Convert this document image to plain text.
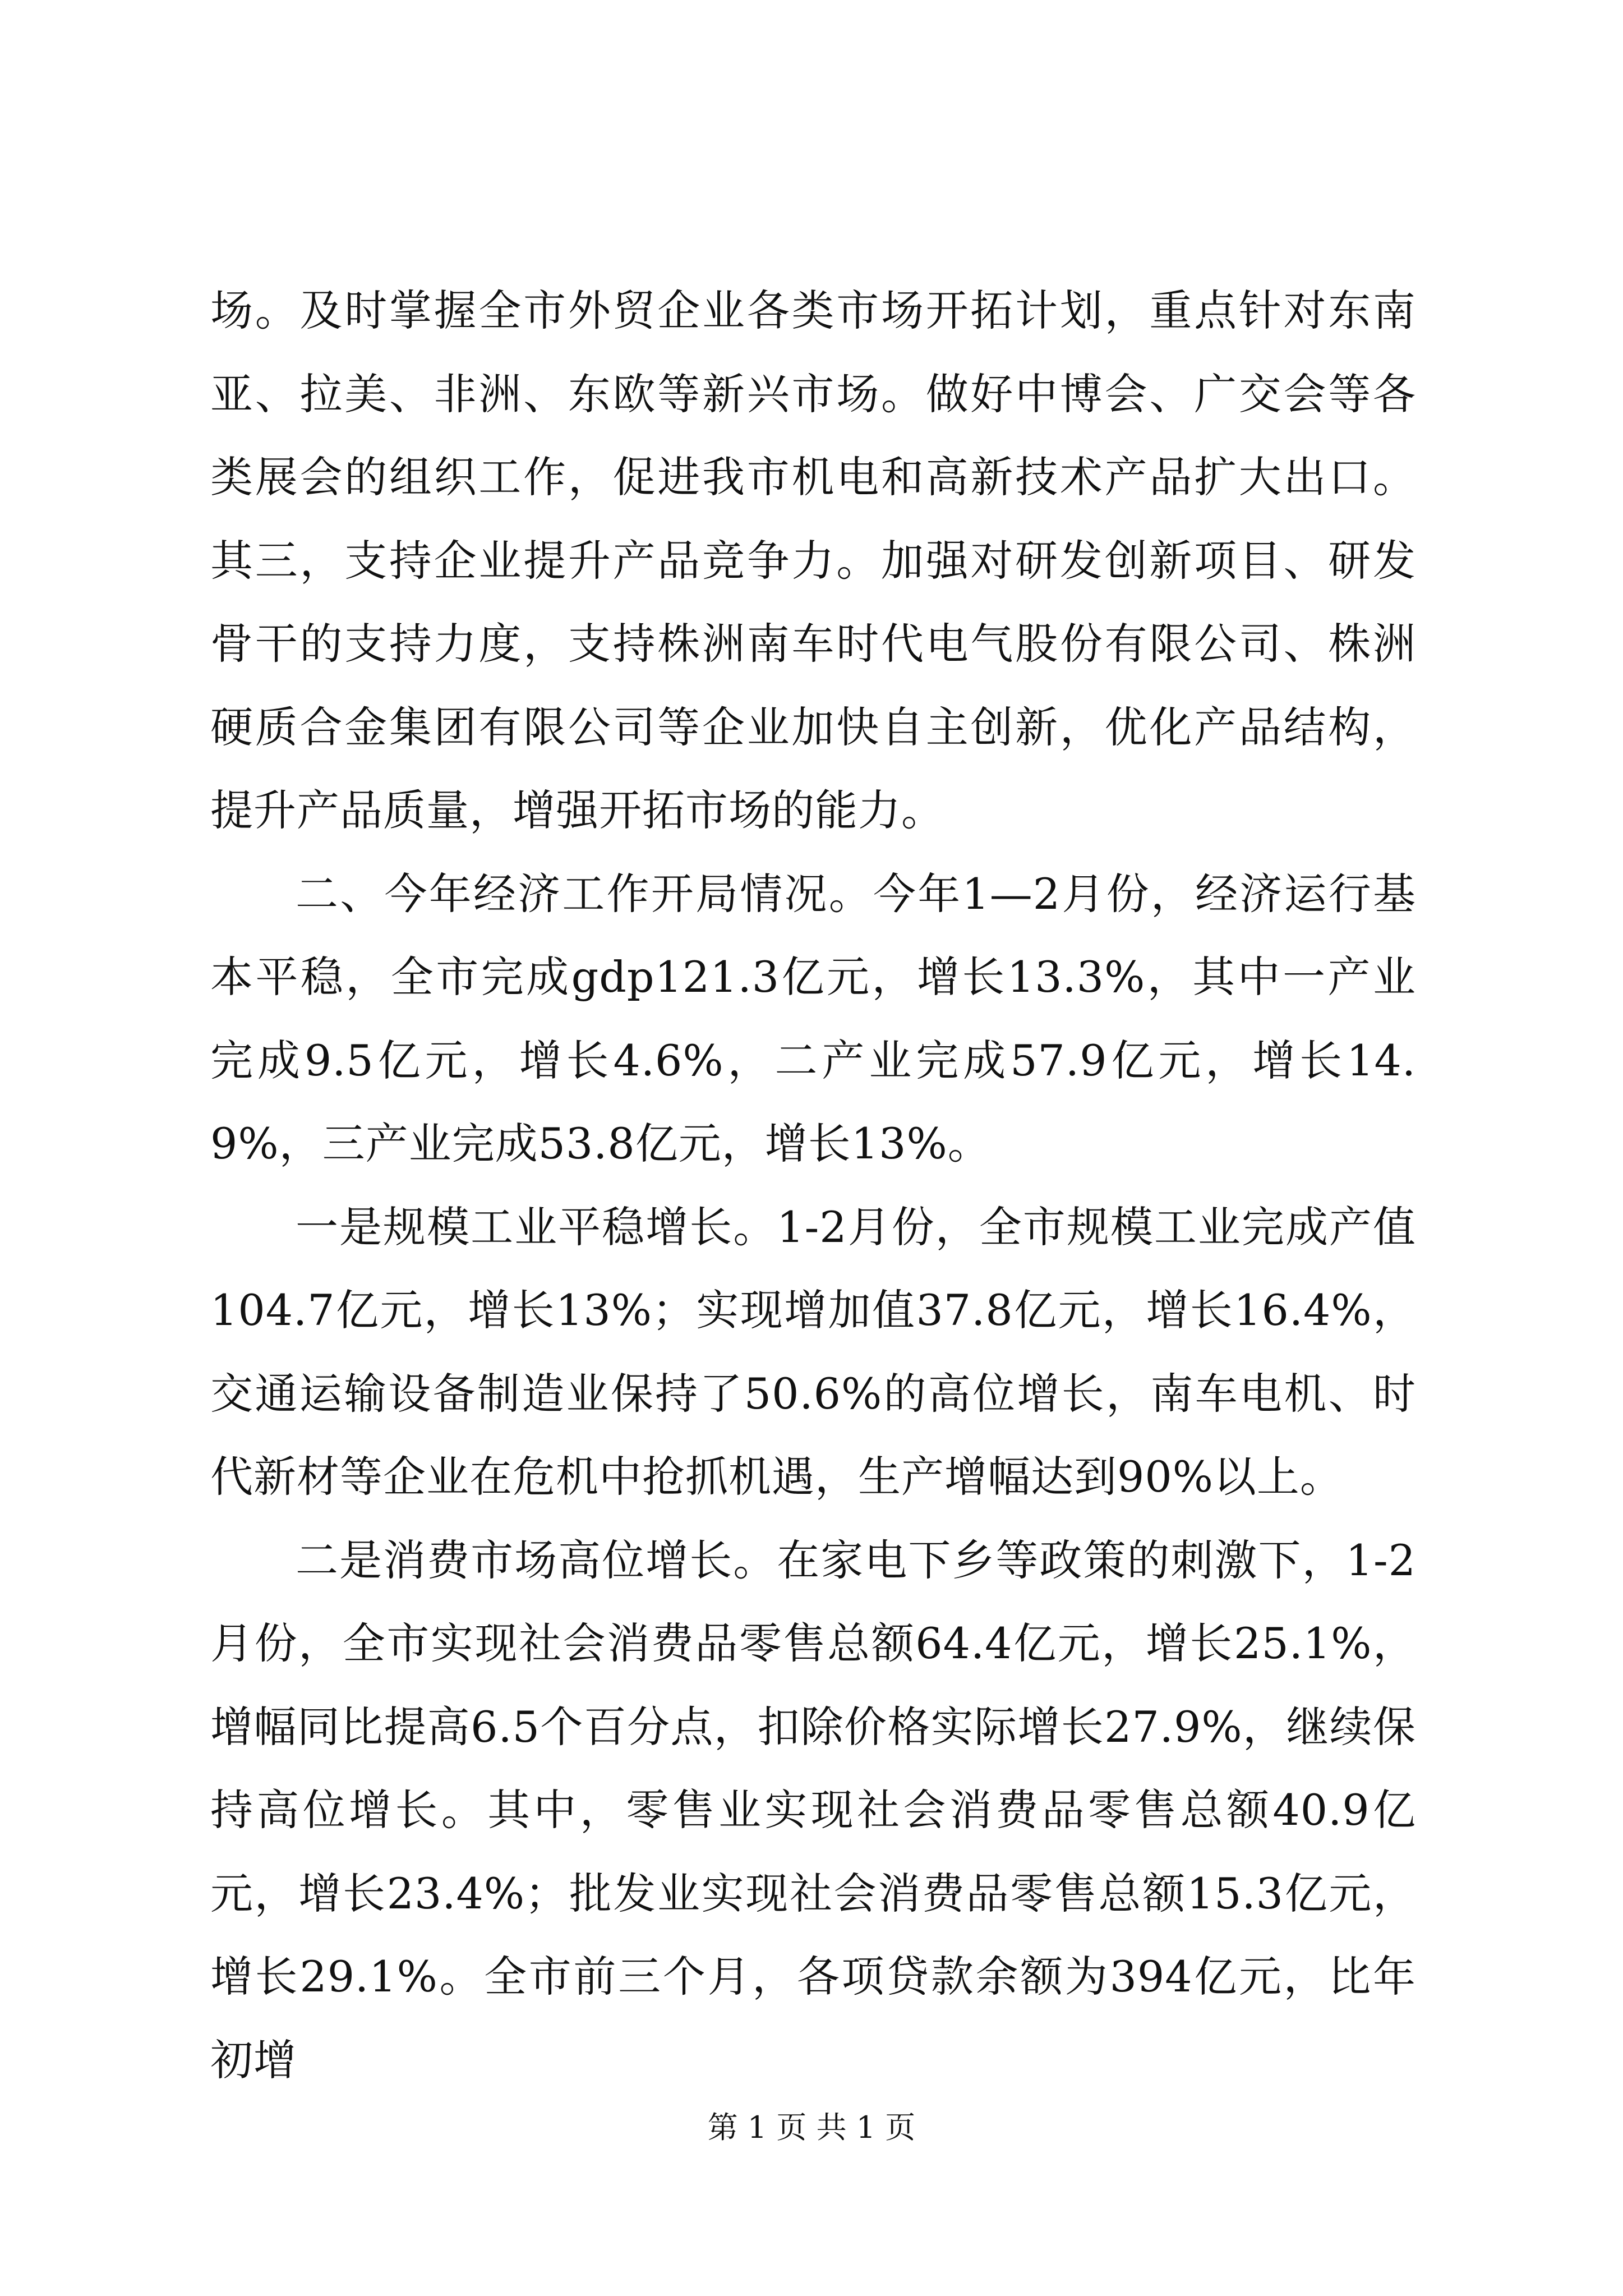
场。及时掌握全市外贸企业各类市场开拓计划，重点针对东南亚、拉美、非洲、东欧等新兴市场。做好中博会、广交会等各类展会的组织工作，促进我市机电和高新技术产品扩大出口。其三，支持企业提升产品竞争力。加强对研发创新项目、研发骨干的支持力度，支持株洲南车时代电气股份有限公司、株洲硬质合金集团有限公司等企业加快自主创新，优化产品结构，提升产品质量，增强开拓市场的能力。

二、今年经济工作开局情况。今年1—2月份，经济运行基本平稳，全市完成gdp121.3亿元，增长13.3%，其中一产业完成9.5亿元，增长4.6%，二产业完成57.9亿元，增长14.9%，三产业完成53.8亿元，增长13%。

一是规模工业平稳增长。1-2月份，全市规模工业完成产值104.7亿元，增长13%；实现增加值37.8亿元，增长16.4%，交通运输设备制造业保持了50.6%的高位增长，南车电机、时代新材等企业在危机中抢抓机遇，生产增幅达到90%以上。

二是消费市场高位增长。在家电下乡等政策的刺激下，1-2月份，全市实现社会消费品零售总额64.4亿元，增长25.1%，增幅同比提高6.5个百分点，扣除价格实际增长27.9%，继续保持高位增长。其中，零售业实现社会消费品零售总额40.9亿元，增长23.4%；批发业实现社会消费品零售总额15.3亿元，增长29.1%。全市前三个月，各项贷款余额为394亿元，比年初增

第 1 页 共 1 页
